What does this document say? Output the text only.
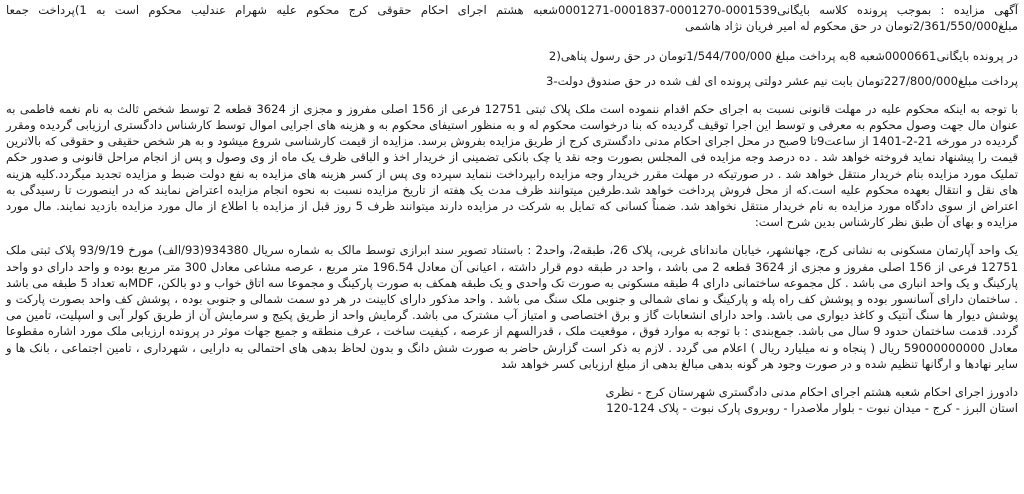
آگهی مزایده : بموجب پرونده کلاسه بایگانی0001539-0001270-0001837-0001271شعبه هشتم اجرای احکام حقوقی کرج محکوم علیه شهرام عندلیب محکوم است به 1)پرداخت جمعا مبلغ2/361/550/000تومان در حق محکوم له امیر فریان نژاد هاشمی

در پرونده بایگانی0000661شعبه 8به پرداخت مبلغ 1/544/700/000تومان در حق رسول پناهی(2

پرداخت مبلغ227/800/000تومان بابت نیم عشر دولتی پرونده ای لف شده در حق صندوق دولت-3

با توجه به اینکه محکوم علیه در مهلت قانونی نسبت به اجرای حکم اقدام ننموده است ملک پلاک ثبتی 12751 فرعی از 156 اصلی مفروز و مجزی از 3624 قطعه 2 توسط شخص ثالث به نام نغمه فاطمی به عنوان مال جهت وصول محکوم به معرفی و توسط این اجرا توقیف گردیده که بنا درخواست محکوم له و به منظور استیفای محکوم به و هزینه های اجرایی اموال توسط کارشناس دادگستری ارزیابی گردیده ومقرر گردیده در مورخه 21-2-1401 از ساعت9تا 9صبح در محل اجرای احکام مدنی دادگستری کرج از طریق مزایده بفروش برسد. مزایده از قیمت کارشناسی شروع میشود و به هر شخص حقیقی و حقوقی که بالاترین قیمت را پیشنهاد نماید فروخته خواهد شد . ده درصد وجه مزایده فی المجلس بصورت وجه نقد یا چک بانکی تضمینی از خریدار اخذ و الباقی ظرف یک ماه از وی وصول و پس از انجام مراحل قانونی و صدور حکم تملیک مورد مزایده بنام خریدار منتقل خواهد شد . در صورتیکه در مهلت مقرر خریدار وجه مزایده رابپرداخت ننماید سپرده وی پس از کسر هزینه های مزایده به نفع دولت ضبط و مزایده تجدید میگردد.کلیه هزینه های نقل و انتقال بعهده محکوم علیه است.که از محل فروش پرداخت خواهد شد.طرفین میتوانند ظرف مدت یک هفته از تاریخ مزایده نسبت به نحوه انجام مزایده اعتراض نمایند که در اینصورت تا رسیدگی به اعتراض از سوی دادگاه مورد مزایده به نام خریدار منتقل نخواهد شد. ضمناً کسانی که تمایل به شرکت در مزایده دارند میتوانند ظرف 5 روز قبل از مزایده با اطلاع از مال مورد مزایده بازدید نمایند. مال مورد مزایده و بهای آن طبق نظر کارشناس بدین شرح است:

یک واحد آپارتمان مسکونی به نشانی کرج، جهانشهر، خیابان ماندانای غربی، پلاک 26، طبقه2، واحد2 : باستناد تصویر سند ابرازی توسط مالک به شماره سریال 934380(93/الف) مورخ 93/9/19 پلاک ثبتی ملک 12751 فرعی از 156 اصلی مفروز و مجزی از 3624 قطعه 2 می باشد ، واحد در طبقه دوم قرار داشته ، اعیانی آن معادل 196.54 متر مربع ، عرصه مشاعی معادل 300 متر مربع بوده و واحد دارای دو واحد پارکینگ و یک واحد انباری می باشد . کل مجموعه ساختمانی دارای 4 طبقه مسکونی به صورت تک واحدی و یک طبقه همکف به صورت پارکینگ و مجموعا سه اتاق خواب و دو بالکن، MDFبه تعداد 5 طبقه می باشد . ساختمان دارای آسانسور بوده و پوشش کف راه پله و پارکینگ و نمای شمالی و جنوبی ملک سنگ می باشد . واحد مذکور دارای کابینت در هر دو سمت شمالی و جنوبی بوده ، پوشش کف واحد بصورت پارکت و پوشش دیوار ها سنگ آنتیک و کاغذ دیواری می باشد. واحد دارای انشعابات گاز و برق اختصاصی و امتیاز آب مشترک می باشد. گرمایش واحد از طریق پکیج و سرمایش آن از طریق کولر آبی و اسپلیت، تامین می گردد. قدمت ساختمان حدود 9 سال می باشد. جمع‌بندی : با توجه به موارد فوق ، موقعیت ملک ، قدرالسهم از عرصه ، کیفیت ساخت ، عرف منطقه و جمیع جهات موثر در پرونده ارزیابی ملک مورد اشاره مقطوعا معادل 59000000000 ریال ( پنجاه و نه میلیارد ریال ) اعلام می گردد . لازم به ذکر است گزارش حاضر به صورت شش دانگ و بدون لحاظ بدهی های احتمالی به دارایی ، شهرداری ، تامین اجتماعی ، بانک ها و سایر نهادها و ارگانها تنظیم شده و در صورت وجود هر گونه بدهی مبالغ بدهی از مبلغ ارزیابی کسر خواهد شد

دادورز اجرای احکام شعبه هشتم اجرای احکام مدنی دادگستری شهرستان کرج - نظری

استان البرز - کرج - میدان نبوت - بلوار ملاصدرا - روبروی پارک نبوت - پلاک 124-120
